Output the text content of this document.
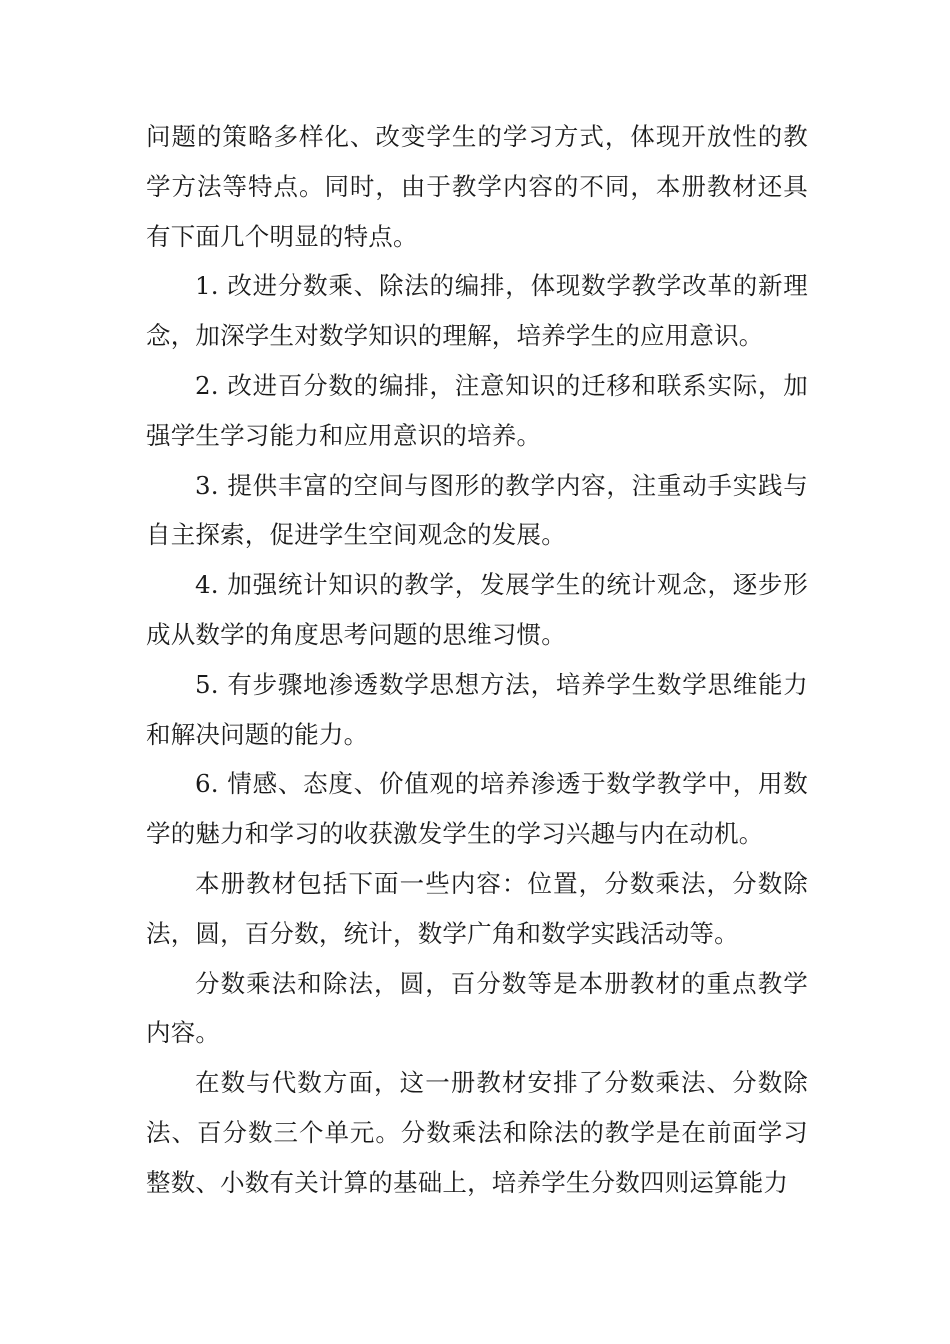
问题的策略多样化、改变学生的学习方式，体现开放性的教学方法等特点。同时，由于教学内容的不同，本册教材还具有下面几个明显的特点。

1. 改进分数乘、除法的编排，体现数学教学改革的新理念，加深学生对数学知识的理解，培养学生的应用意识。

2. 改进百分数的编排，注意知识的迁移和联系实际，加强学生学习能力和应用意识的培养。

3. 提供丰富的空间与图形的教学内容，注重动手实践与自主探索，促进学生空间观念的发展。

4. 加强统计知识的教学，发展学生的统计观念，逐步形成从数学的角度思考问题的思维习惯。

5. 有步骤地渗透数学思想方法，培养学生数学思维能力和解决问题的能力。

6. 情感、态度、价值观的培养渗透于数学教学中，用数学的魅力和学习的收获激发学生的学习兴趣与内在动机。

本册教材包括下面一些内容：位置，分数乘法，分数除法，圆，百分数，统计，数学广角和数学实践活动等。

分数乘法和除法，圆，百分数等是本册教材的重点教学内容。

在数与代数方面，这一册教材安排了分数乘法、分数除法、百分数三个单元。分数乘法和除法的教学是在前面学习整数、小数有关计算的基础上，培养学生分数四则运算能力
